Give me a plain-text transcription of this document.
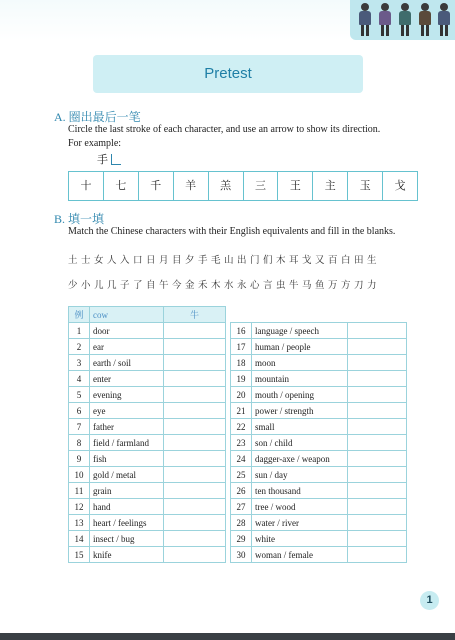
Pretest
A. 圈出最后一笔
Circle the last stroke of each character, and use an arrow to show its direction.
For example:
手
十	七	千	羊	羔	三	王	主	玉	戈
B. 填一填
Match the Chinese characters with their English equivalents and fill in the blanks.
土士女人入口日月目夕手毛山出门们木耳戈又百白田生
少小儿几子了自午今金禾木水永心言虫牛马鱼万方刀力
例	cow	牛
1	door	
2	ear	
3	earth / soil	
4	enter	
5	evening	
6	eye	
7	father	
8	field / farmland	
9	fish	
10	gold / metal	
11	grain	
12	hand	
13	heart / feelings	
14	insect / bug	
15	knife	
16	language / speech	
17	human / people	
18	moon	
19	mountain	
20	mouth / opening	
21	power / strength	
22	small	
23	son / child	
24	dagger-axe / weapon	
25	sun / day	
26	ten thousand	
27	tree / wood	
28	water / river	
29	white	
30	woman / female	
1
